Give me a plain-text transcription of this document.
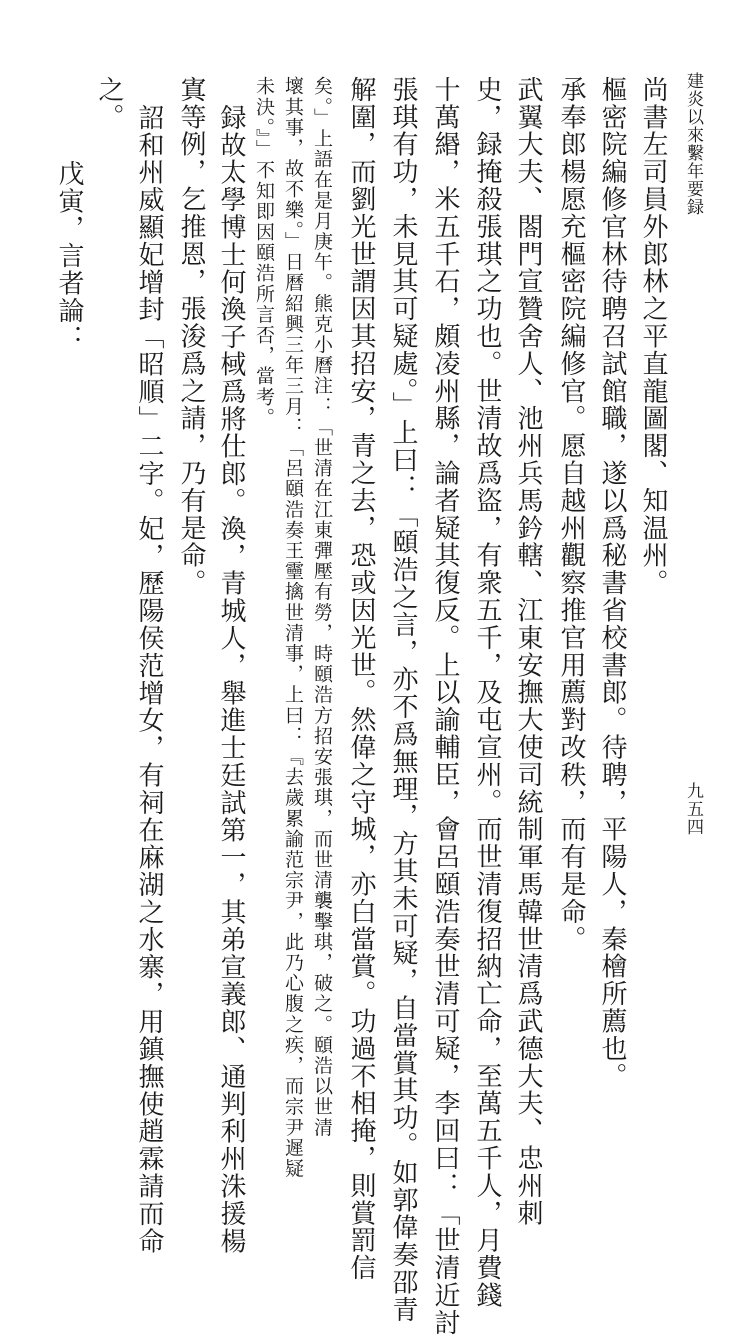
建炎以來繫年要録
九五四
尚書左司員外郎林之平直龍圖閣、知温州。
樞密院編修官林待聘召試館職，遂以爲秘書省校書郎。待聘，平陽人，秦檜所薦也。
承奉郎楊愿充樞密院編修官。愿自越州觀察推官用薦對改秩，而有是命。
武翼大夫、閤門宣贊舍人、池州兵馬鈐轄、江東安撫大使司統制軍馬韓世清爲武德大夫、忠州刺
史，録掩殺張琪之功也。世清故爲盜，有衆五千，及屯宣州。而世清復招納亡命，至萬五千人，月費錢
十萬緡，米五千石，頗凌州縣，論者疑其復反。上以諭輔臣，會呂頤浩奏世清可疑，李回曰：「世清近討
張琪有功，未見其可疑處。」上曰：「頤浩之言，亦不爲無理，方其未可疑，自當賞其功。如郭偉奏邵青
解圍，而劉光世謂因其招安，青之去，恐或因光世。然偉之守城，亦白當賞。功過不相掩，則賞罰信
矣。」上語在是月庚午。熊克小曆注：「世清在江東彈壓有勞，時頤浩方招安張琪，而世清襲擊琪，破之。頤浩以世清
壞其事，故不樂。」日曆紹興三年三月：「呂頤浩奏王𤫊擒世清事，上曰：『去歲累諭范宗尹，此乃心腹之疾，而宗尹遲疑
未決。』」不知即因頤浩所言否，當考。
録故太學博士何渙子棫爲將仕郎。渙，青城人，舉進士廷試第一，其弟宣義郎、通判利州洙援楊
寘等例，乞推恩，張浚爲之請，乃有是命。
詔和州威顯妃增封「昭順」二字。妃，歷陽侯范增女，有祠在麻湖之水寨，用鎮撫使趙霖請而命
之。
戊寅，言者論：
